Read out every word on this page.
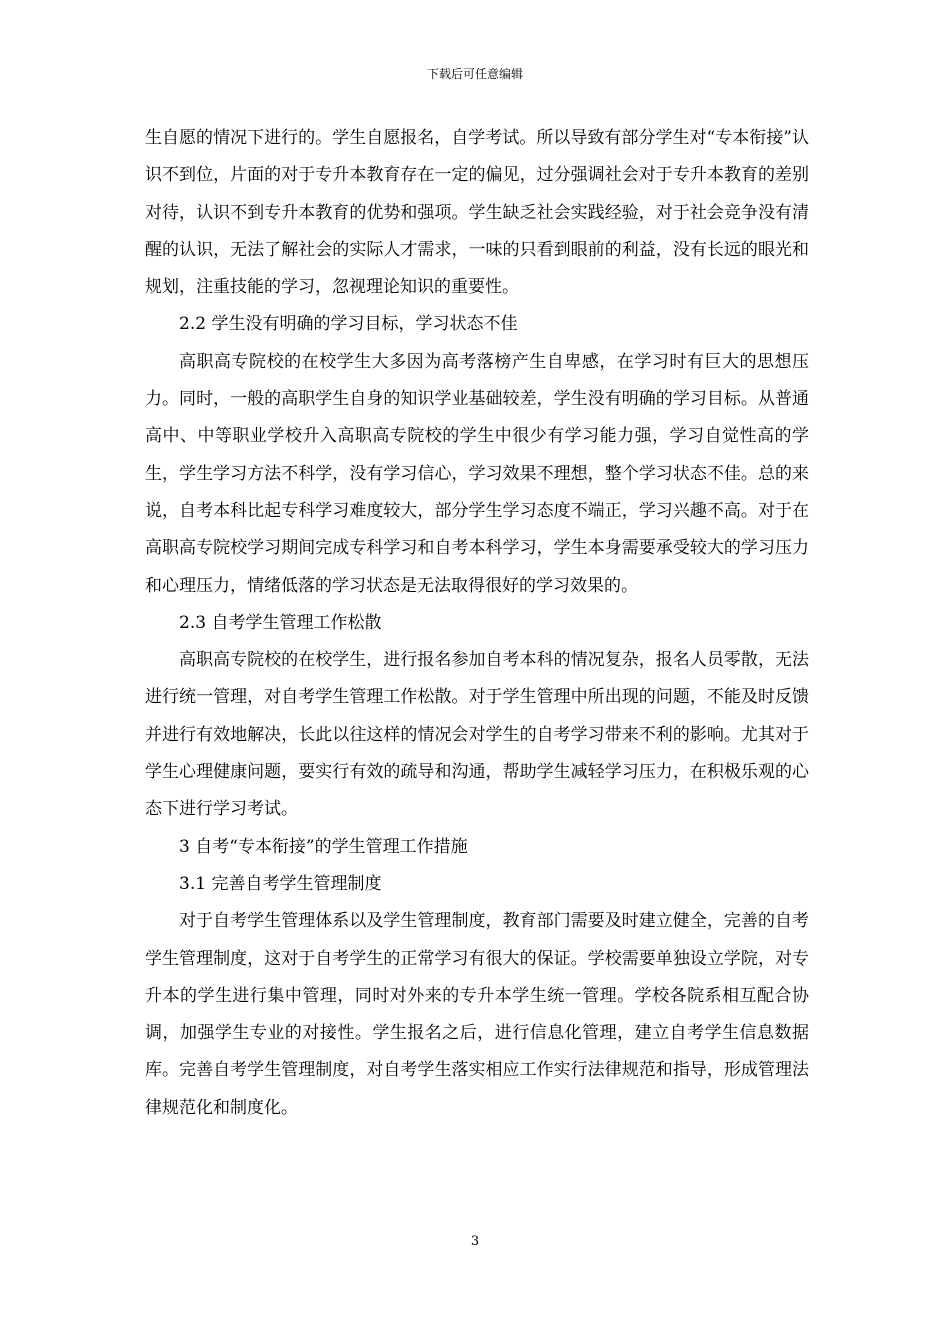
下载后可任意编辑

生自愿的情况下进行的。学生自愿报名，自学考试。所以导致有部分学生对“专本衔接”认识不到位，片面的对于专升本教育存在一定的偏见，过分强调社会对于专升本教育的差别对待，认识不到专升本教育的优势和强项。学生缺乏社会实践经验，对于社会竞争没有清醒的认识，无法了解社会的实际人才需求，一味的只看到眼前的利益，没有长远的眼光和规划，注重技能的学习，忽视理论知识的重要性。

2.2 学生没有明确的学习目标，学习状态不佳

高职高专院校的在校学生大多因为高考落榜产生自卑感，在学习时有巨大的思想压力。同时，一般的高职学生自身的知识学业基础较差，学生没有明确的学习目标。从普通高中、中等职业学校升入高职高专院校的学生中很少有学习能力强，学习自觉性高的学生，学生学习方法不科学，没有学习信心，学习效果不理想，整个学习状态不佳。总的来说，自考本科比起专科学习难度较大，部分学生学习态度不端正，学习兴趣不高。对于在高职高专院校学习期间完成专科学习和自考本科学习，学生本身需要承受较大的学习压力和心理压力，情绪低落的学习状态是无法取得很好的学习效果的。

2.3 自考学生管理工作松散

高职高专院校的在校学生，进行报名参加自考本科的情况复杂，报名人员零散，无法进行统一管理，对自考学生管理工作松散。对于学生管理中所出现的问题，不能及时反馈并进行有效地解决，长此以往这样的情况会对学生的自考学习带来不利的影响。尤其对于学生心理健康问题，要实行有效的疏导和沟通，帮助学生减轻学习压力，在积极乐观的心态下进行学习考试。

3 自考“专本衔接”的学生管理工作措施

3.1 完善自考学生管理制度

对于自考学生管理体系以及学生管理制度，教育部门需要及时建立健全，完善的自考学生管理制度，这对于自考学生的正常学习有很大的保证。学校需要单独设立学院，对专升本的学生进行集中管理，同时对外来的专升本学生统一管理。学校各院系相互配合协调，加强学生专业的对接性。学生报名之后，进行信息化管理，建立自考学生信息数据库。完善自考学生管理制度，对自考学生落实相应工作实行法律规范和指导，形成管理法律规范化和制度化。

3
